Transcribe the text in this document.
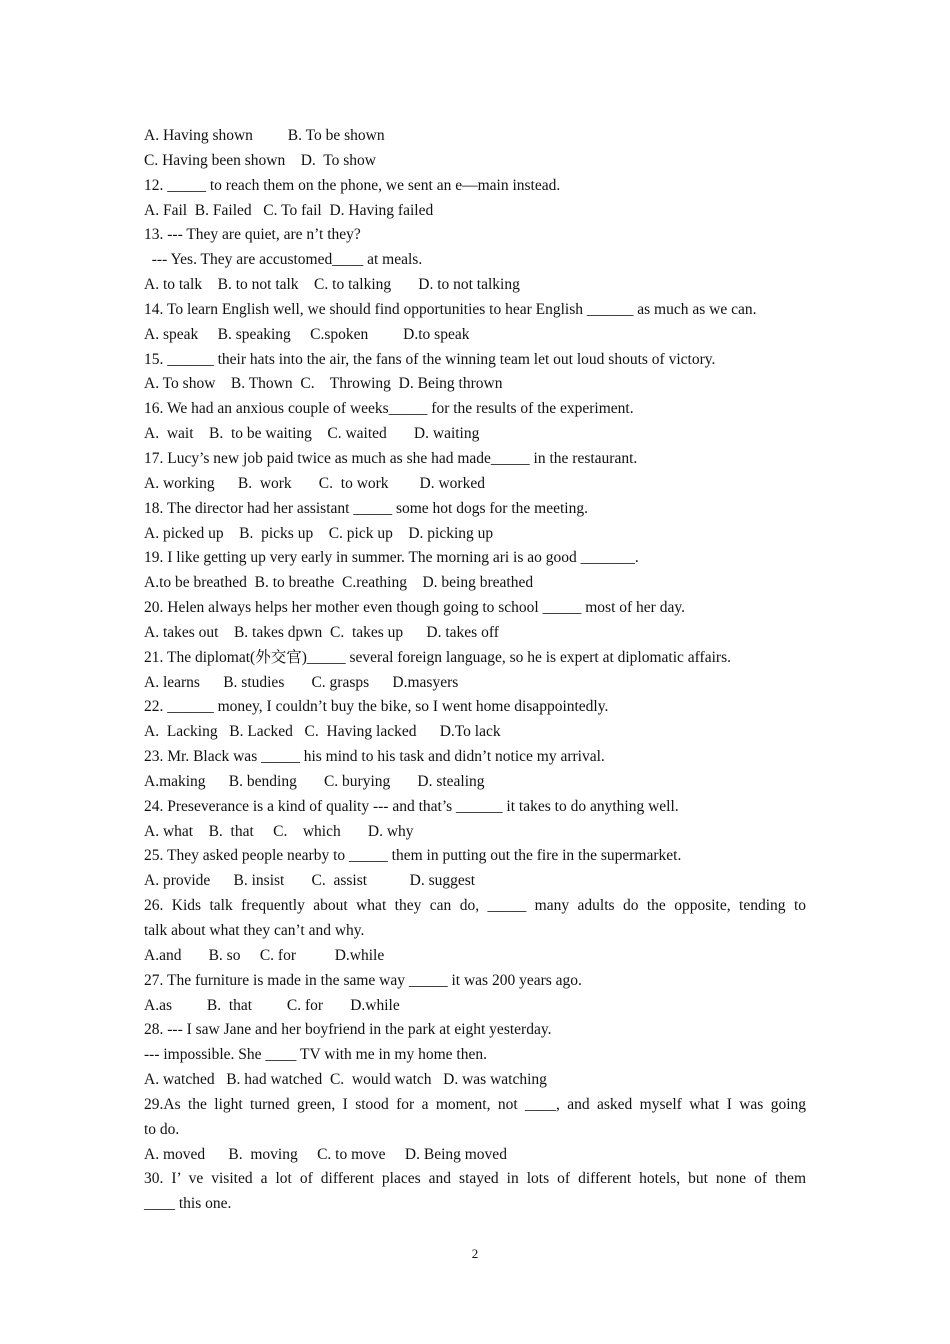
A. Having shown         B. To be shown
C. Having been shown    D.  To show
12. _____ to reach them on the phone, we sent an e—main instead.
A. Fail  B. Failed   C. To fail  D. Having failed
13. --- They are quiet, are n’t they?
--- Yes. They are accustomed____ at meals.
A. to talk    B. to not talk    C. to talking       D. to not talking
14. To learn English well, we should find opportunities to hear English ______ as much as we can.
A. speak     B. speaking     C.spoken         D.to speak
15. ______ their hats into the air, the fans of the winning team let out loud shouts of victory.
A. To show    B. Thown  C.    Throwing  D. Being thrown
16. We had an anxious couple of weeks_____ for the results of the experiment.
A.  wait    B.  to be waiting    C. waited       D. waiting
17. Lucy’s new job paid twice as much as she had made_____ in the restaurant.
A. working      B.  work       C.  to work        D. worked
18. The director had her assistant _____ some hot dogs for the meeting.
A. picked up    B.  picks up    C. pick up    D. picking up
19. I like getting up very early in summer. The morning ari is ao good _______.
A.to be breathed  B. to breathe  C.reathing    D. being breathed
20. Helen always helps her mother even though going to school _____ most of her day.
A. takes out    B. takes dpwn  C.  takes up      D. takes off
21. The diplomat(外交官)_____ several foreign language, so he is expert at diplomatic affairs.
A. learns      B. studies       C. grasps      D.masyers
22. ______ money, I couldn’t buy the bike, so I went home disappointedly.
A.  Lacking   B. Lacked   C.  Having lacked      D.To lack
23. Mr. Black was _____ his mind to his task and didn’t notice my arrival.
A.making      B. bending       C. burying       D. stealing
24. Preseverance is a kind of quality --- and that’s ______ it takes to do anything well.
A. what    B.  that     C.    which       D. why
25. They asked people nearby to _____ them in putting out the fire in the supermarket.
A. provide      B. insist       C.  assist           D. suggest
26. Kids talk frequently about what they can do, _____ many adults do the opposite, tending to
talk about what they can’t and why.
A.and       B. so     C. for          D.while
27. The furniture is made in the same way _____ it was 200 years ago.
A.as         B.  that         C. for       D.while
28. --- I saw Jane and her boyfriend in the park at eight yesterday.
--- impossible. She ____ TV with me in my home then.
A. watched   B. had watched  C.  would watch   D. was watching
29.As the light turned green, I stood for a moment, not ____, and asked myself what I was going
to do.
A. moved      B.  moving     C. to move     D. Being moved
30. I’ ve visited a lot of different places and stayed in lots of different hotels, but none of them
____ this one.
2
